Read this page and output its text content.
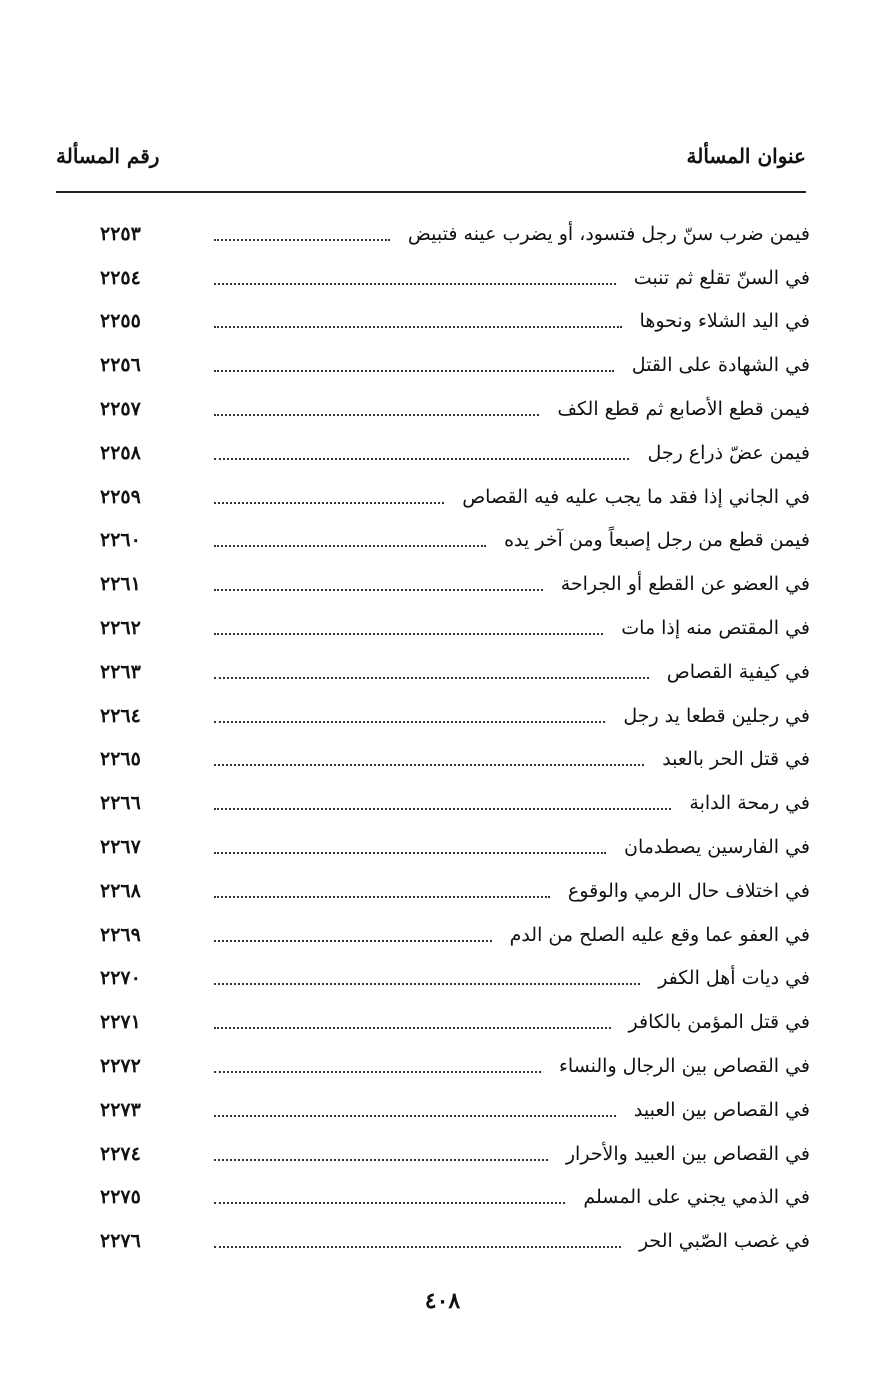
عنوان المسألة
رقم المسألة
فيمن ضرب سنّ رجل فتسود، أو يضرب عينه فتبيض
٢٢٥٣
في السنّ تقلع ثم تنبت
٢٢٥٤
في اليد الشلاء ونحوها
٢٢٥٥
في الشهادة على القتل
٢٢٥٦
فيمن قطع الأصابع ثم قطع الكف
٢٢٥٧
فيمن عضّ ذراع رجل
٢٢٥٨
في الجاني إذا فقد ما يجب عليه فيه القصاص
٢٢٥٩
فيمن قطع من رجل إصبعاً ومن آخر يده
٢٢٦٠
في العضو عن القطع أو الجراحة
٢٢٦١
في المقتص منه إذا مات
٢٢٦٢
في كيفية القصاص
٢٢٦٣
في رجلين قطعا يد رجل
٢٢٦٤
في قتل الحر بالعبد
٢٢٦٥
في رمحة الدابة
٢٢٦٦
في الفارسين يصطدمان
٢٢٦٧
في اختلاف حال الرمي والوقوع
٢٢٦٨
في العفو عما وقع عليه الصلح من الدم
٢٢٦٩
في ديات أهل الكفر
٢٢٧٠
في قتل المؤمن بالكافر
٢٢٧١
في القصاص بين الرجال والنساء
٢٢٧٢
في القصاص بين العبيد
٢٢٧٣
في القصاص بين العبيد والأحرار
٢٢٧٤
في الذمي يجني على المسلم
٢٢٧٥
في غصب الصّبي الحر
٢٢٧٦
٤٠٨
